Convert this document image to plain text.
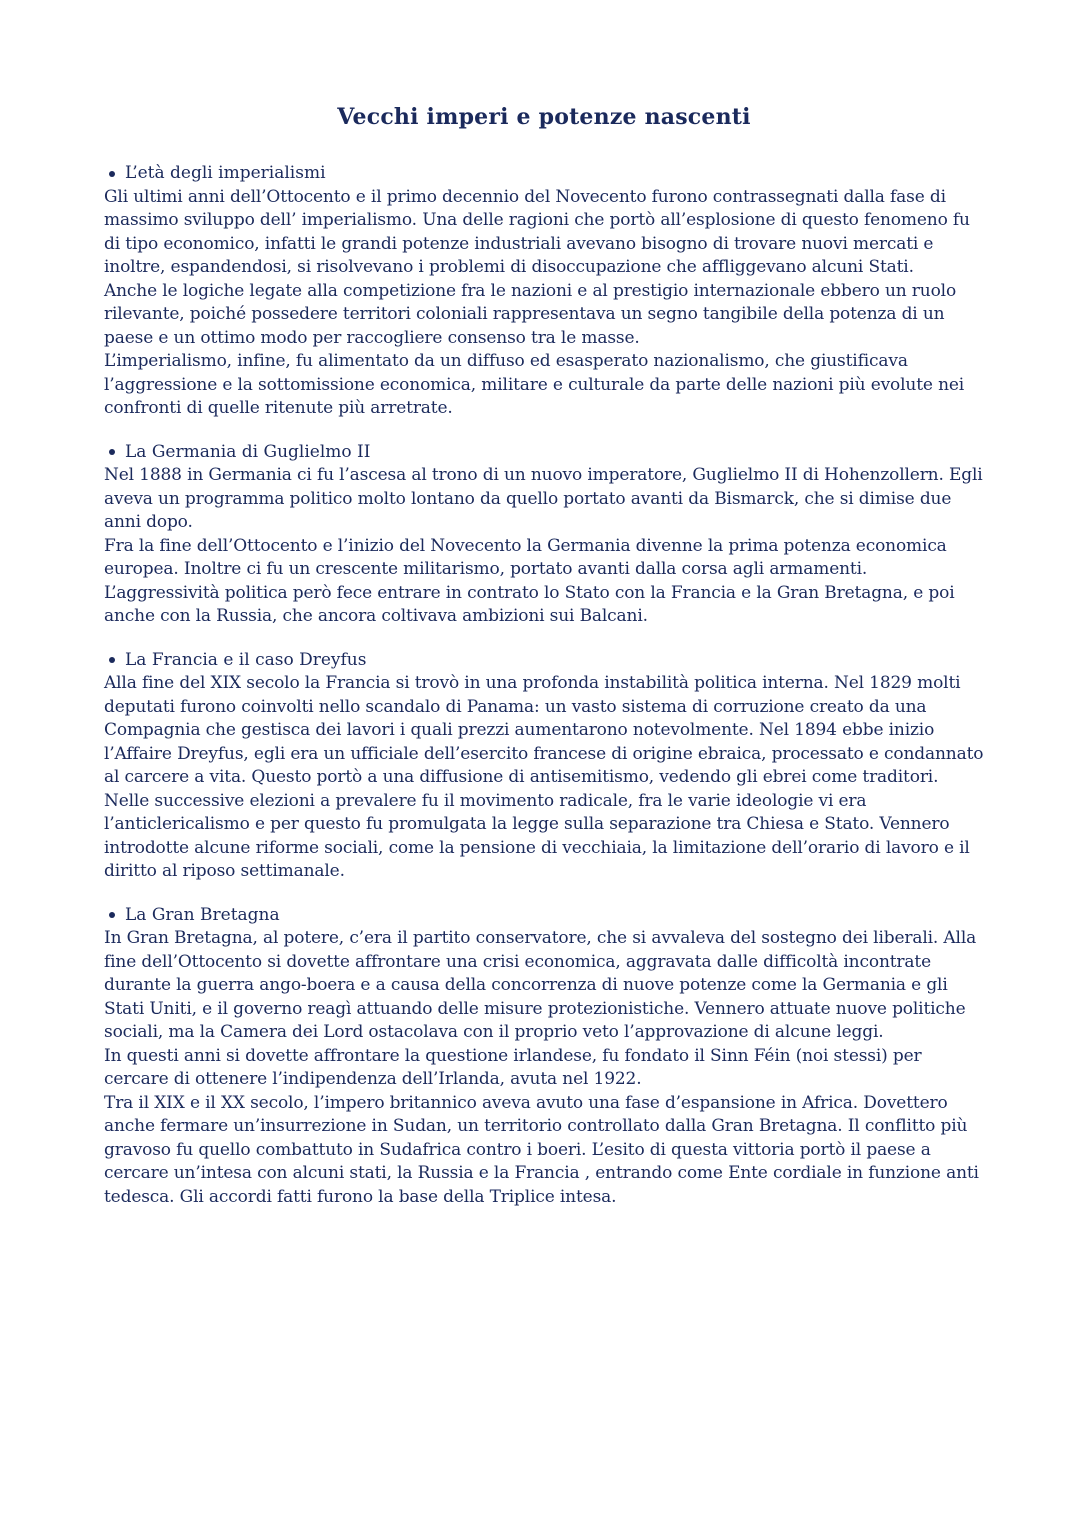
Vecchi imperi e potenze nascenti

L’età degli imperialismi

Gli ultimi anni dell’Ottocento e il primo decennio del Novecento furono contrassegnati dalla fase di massimo sviluppo dell’ imperialismo. Una delle ragioni che portò all’esplosione di questo fenomeno fu di tipo economico, infatti le grandi potenze industriali avevano bisogno di trovare nuovi mercati e inoltre, espandendosi, si risolvevano i problemi di disoccupazione che affliggevano alcuni Stati.

Anche le logiche legate alla competizione fra le nazioni e al prestigio internazionale ebbero un ruolo rilevante, poiché possedere territori coloniali rappresentava un segno tangibile della potenza di un paese e un ottimo modo per raccogliere consenso tra le masse.

L’imperialismo, infine, fu alimentato da un diffuso ed esasperato nazionalismo, che giustificava l’aggressione e la sottomissione economica, militare e culturale da parte delle nazioni più evolute nei confronti di quelle ritenute più arretrate.

La Germania di Guglielmo II

Nel 1888 in Germania ci fu l’ascesa al trono di un nuovo imperatore, Guglielmo II di Hohenzollern. Egli aveva un programma politico molto lontano da quello portato avanti da Bismarck, che si dimise due anni dopo.

Fra la fine dell’Ottocento e l’inizio del Novecento la Germania divenne la prima potenza economica europea. Inoltre ci fu un crescente militarismo, portato avanti dalla corsa agli armamenti. L’aggressività politica però fece entrare in contrato lo Stato con la Francia e la Gran Bretagna, e poi anche con la Russia, che ancora coltivava ambizioni sui Balcani.

La Francia e il caso Dreyfus

Alla fine del XIX secolo la Francia si trovò in una profonda instabilità politica interna. Nel 1829 molti deputati furono coinvolti nello scandalo di Panama: un vasto sistema di corruzione creato da una Compagnia che gestisca dei lavori i quali prezzi aumentarono notevolmente. Nel 1894 ebbe inizio l’Affaire Dreyfus, egli era un ufficiale dell’esercito francese di origine ebraica, processato e condannato al carcere a vita. Questo portò a una diffusione di antisemitismo, vedendo gli ebrei come traditori.

Nelle successive elezioni a prevalere fu il movimento radicale, fra le varie ideologie vi era l’anticlericalismo e per questo fu promulgata la legge sulla separazione tra Chiesa e Stato. Vennero introdotte alcune riforme sociali, come la pensione di vecchiaia, la limitazione dell’orario di lavoro e il diritto al riposo settimanale.

La Gran Bretagna

In Gran Bretagna, al potere, c’era il partito conservatore, che si avvaleva del sostegno dei liberali. Alla fine dell’Ottocento si dovette affrontare una crisi economica, aggravata dalle difficoltà incontrate durante la guerra ango-boera e a causa della concorrenza di nuove potenze come la Germania e gli Stati Uniti, e il governo reagì attuando delle misure protezionistiche. Vennero attuate nuove politiche sociali, ma la Camera dei Lord ostacolava con il proprio veto l’approvazione di alcune leggi.

In questi anni si dovette affrontare la questione irlandese, fu fondato il Sinn Féin (noi stessi) per cercare di ottenere l’indipendenza dell’Irlanda, avuta nel 1922.

Tra il XIX e il XX secolo, l’impero britannico aveva avuto una fase d’espansione in Africa. Dovettero anche fermare un’insurrezione in Sudan, un territorio controllato dalla Gran Bretagna. Il conflitto più gravoso fu quello combattuto in Sudafrica contro i boeri. L’esito di questa vittoria portò il paese a cercare un’intesa con alcuni stati, la Russia e la Francia , entrando come Ente cordiale in funzione anti tedesca. Gli accordi fatti furono la base della Triplice intesa.
